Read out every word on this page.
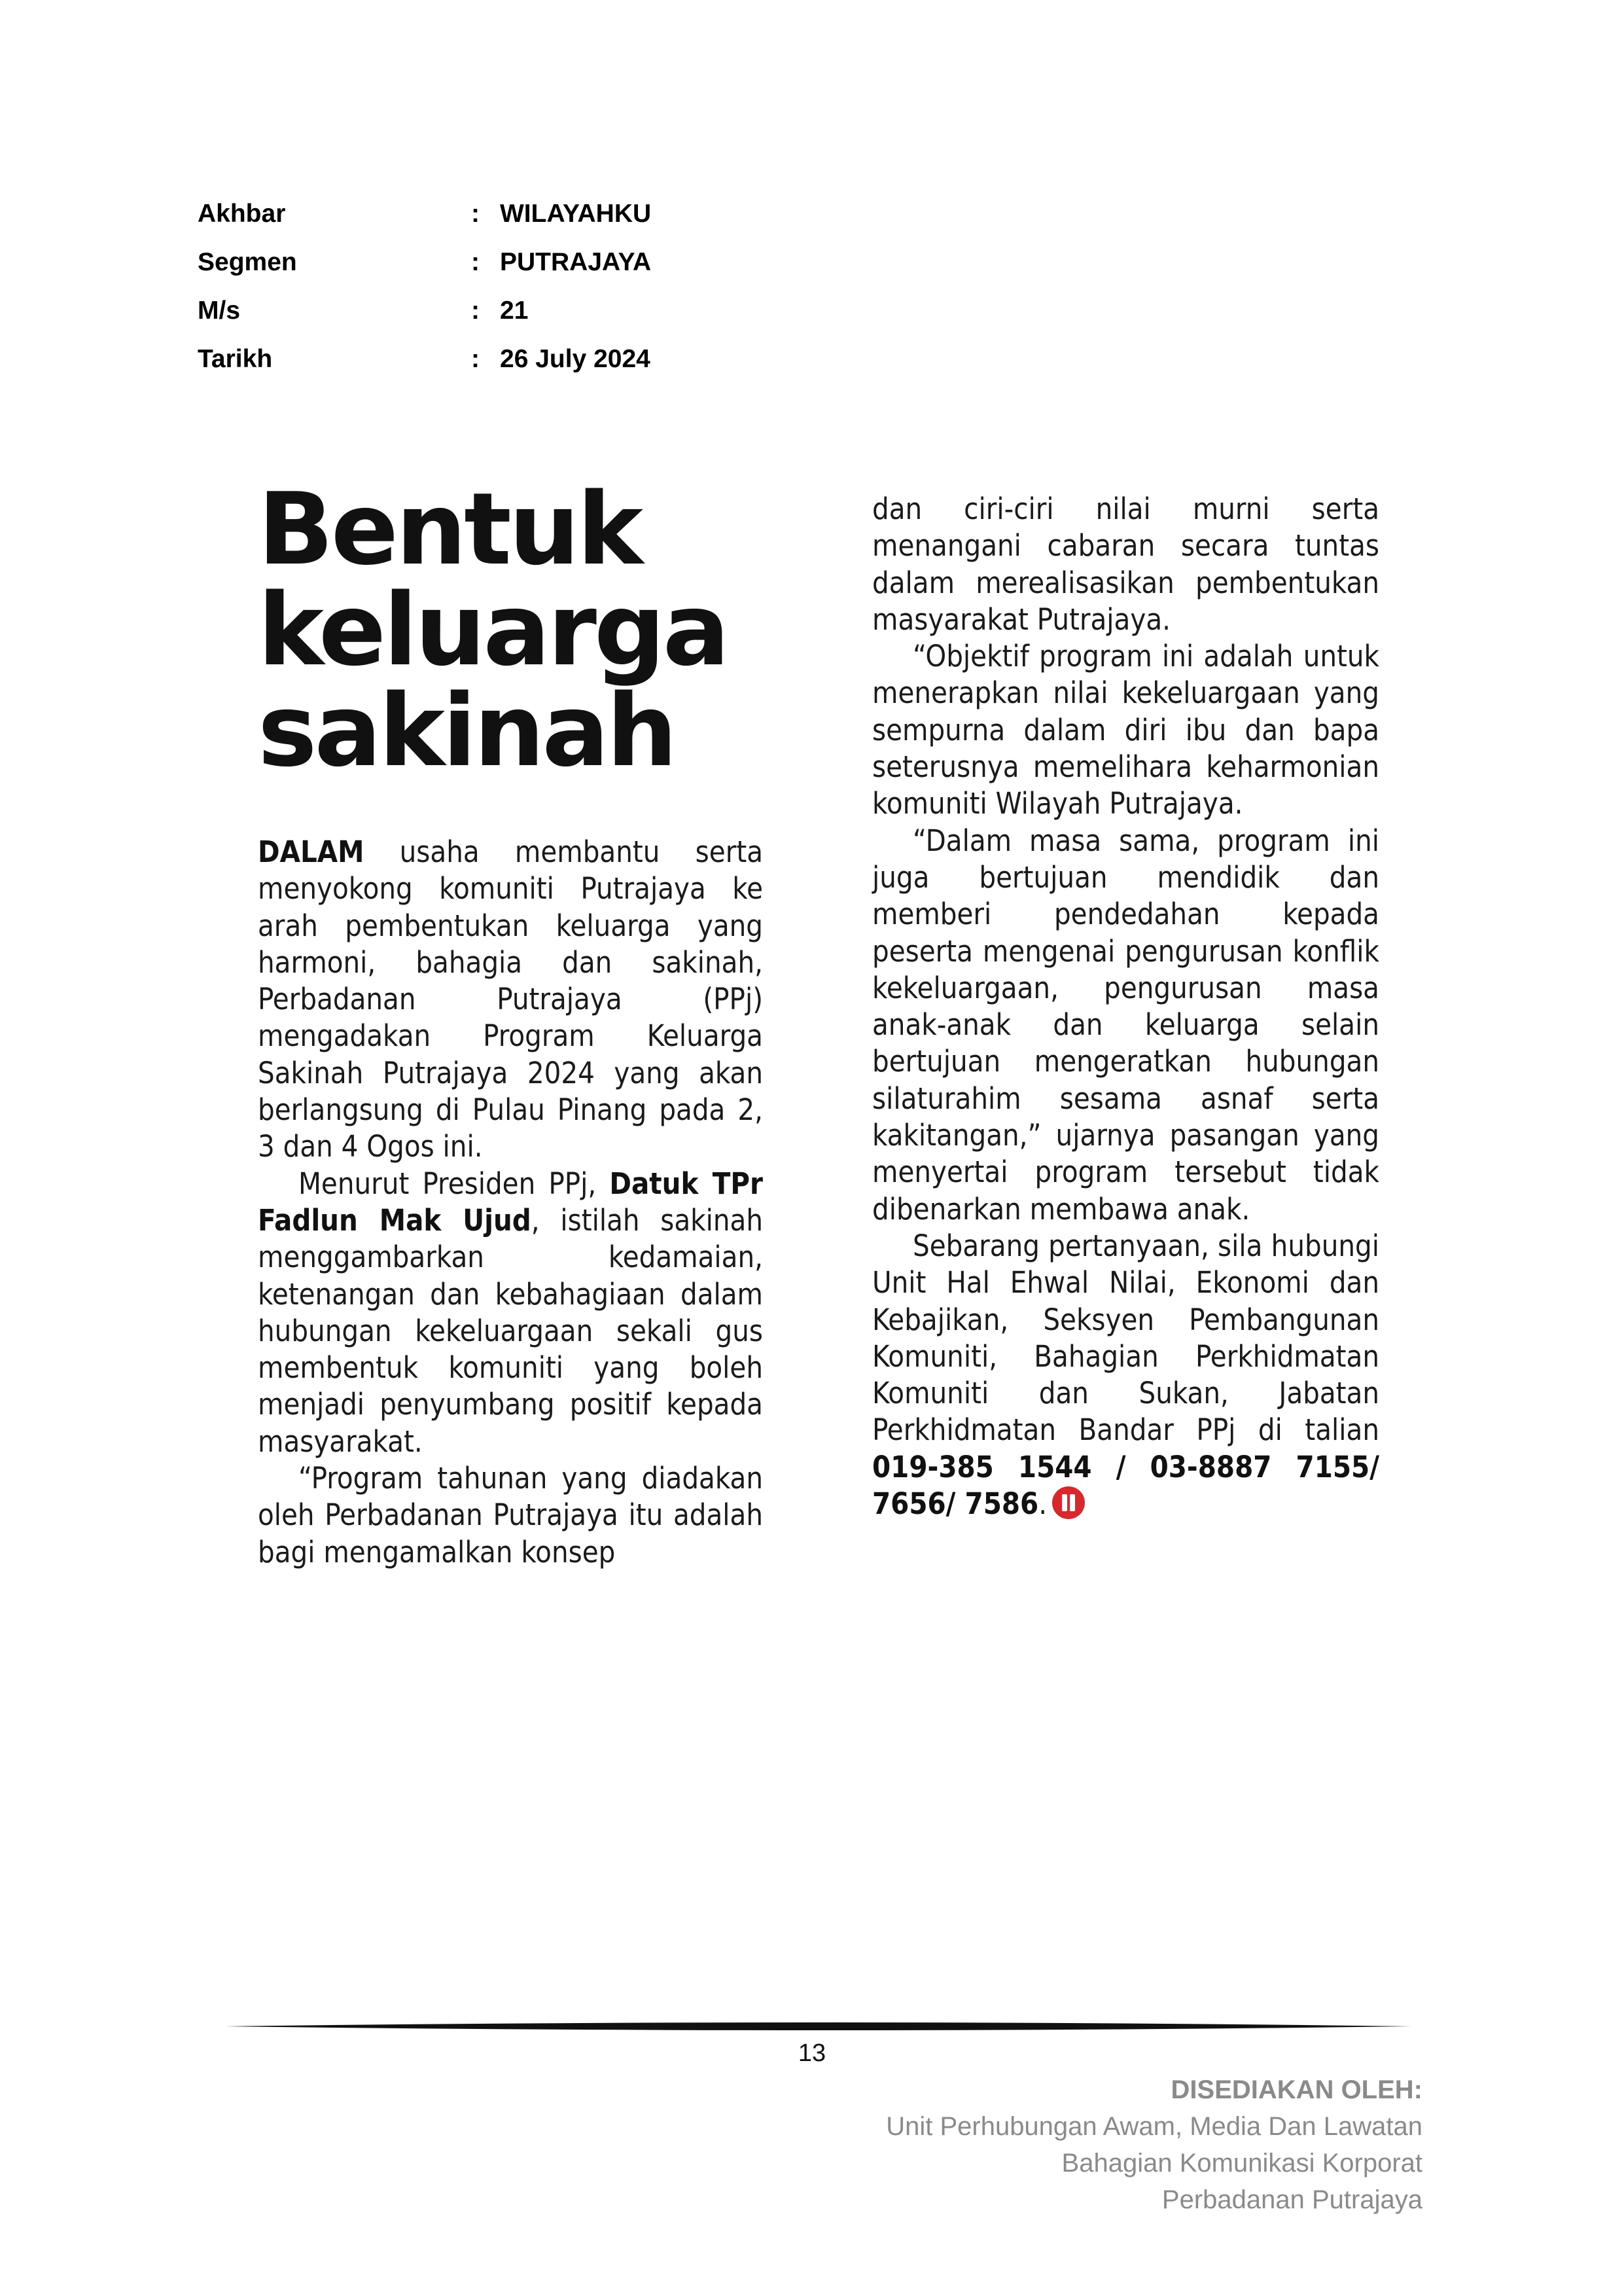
Akhbar	: WILAYAHKU
Segmen	: PUTRAJAYA
M/s	: 21
Tarikh	: 26 July 2024
Bentuk
keluarga
sakinah

DALAM usaha membantu serta menyokong komuniti Putrajaya ke arah pembentukan keluarga yang harmoni, bahagia dan sakinah, Perbadanan Putrajaya (PPj) mengadakan Program Keluarga Sakinah Putrajaya 2024 yang akan berlangsung di Pulau Pinang pada 2, 3 dan 4 Ogos ini.

Menurut Presiden PPj, Datuk TPr Fadlun Mak Ujud, istilah sakinah menggambarkan kedamaian, ketenangan dan kebahagiaan dalam hubungan kekeluargaan sekali gus membentuk komuniti yang boleh menjadi penyumbang positif kepada masyarakat.

“Program tahunan yang diadakan oleh Perbadanan Putrajaya itu adalah bagi mengamalkan konsep

dan ciri-ciri nilai murni serta menangani cabaran secara tuntas dalam merealisasikan pembentukan masyarakat Putrajaya.

“Objektif program ini adalah untuk menerapkan nilai kekeluargaan yang sempurna dalam diri ibu dan bapa seterusnya memelihara keharmonian komuniti Wilayah Putrajaya.

“Dalam masa sama, program ini juga bertujuan mendidik dan memberi pendedahan kepada peserta mengenai pengurusan konflik kekeluargaan, pengurusan masa anak-anak dan keluarga selain bertujuan mengeratkan hubungan silaturahim sesama asnaf serta kakitangan,” ujarnya pasangan yang menyertai program tersebut tidak dibenarkan membawa anak.

Sebarang pertanyaan, sila hubungi Unit Hal Ehwal Nilai, Ekonomi dan Kebajikan, Seksyen Pembangunan Komuniti, Bahagian Perkhidmatan Komuniti dan Sukan, Jabatan Perkhidmatan Bandar PPj di talian 019-385 1544 / 03-8887 7155/ 7656/ 7586.

13
DISEDIAKAN OLEH:
Unit Perhubungan Awam, Media Dan Lawatan
Bahagian Komunikasi Korporat
Perbadanan Putrajaya
